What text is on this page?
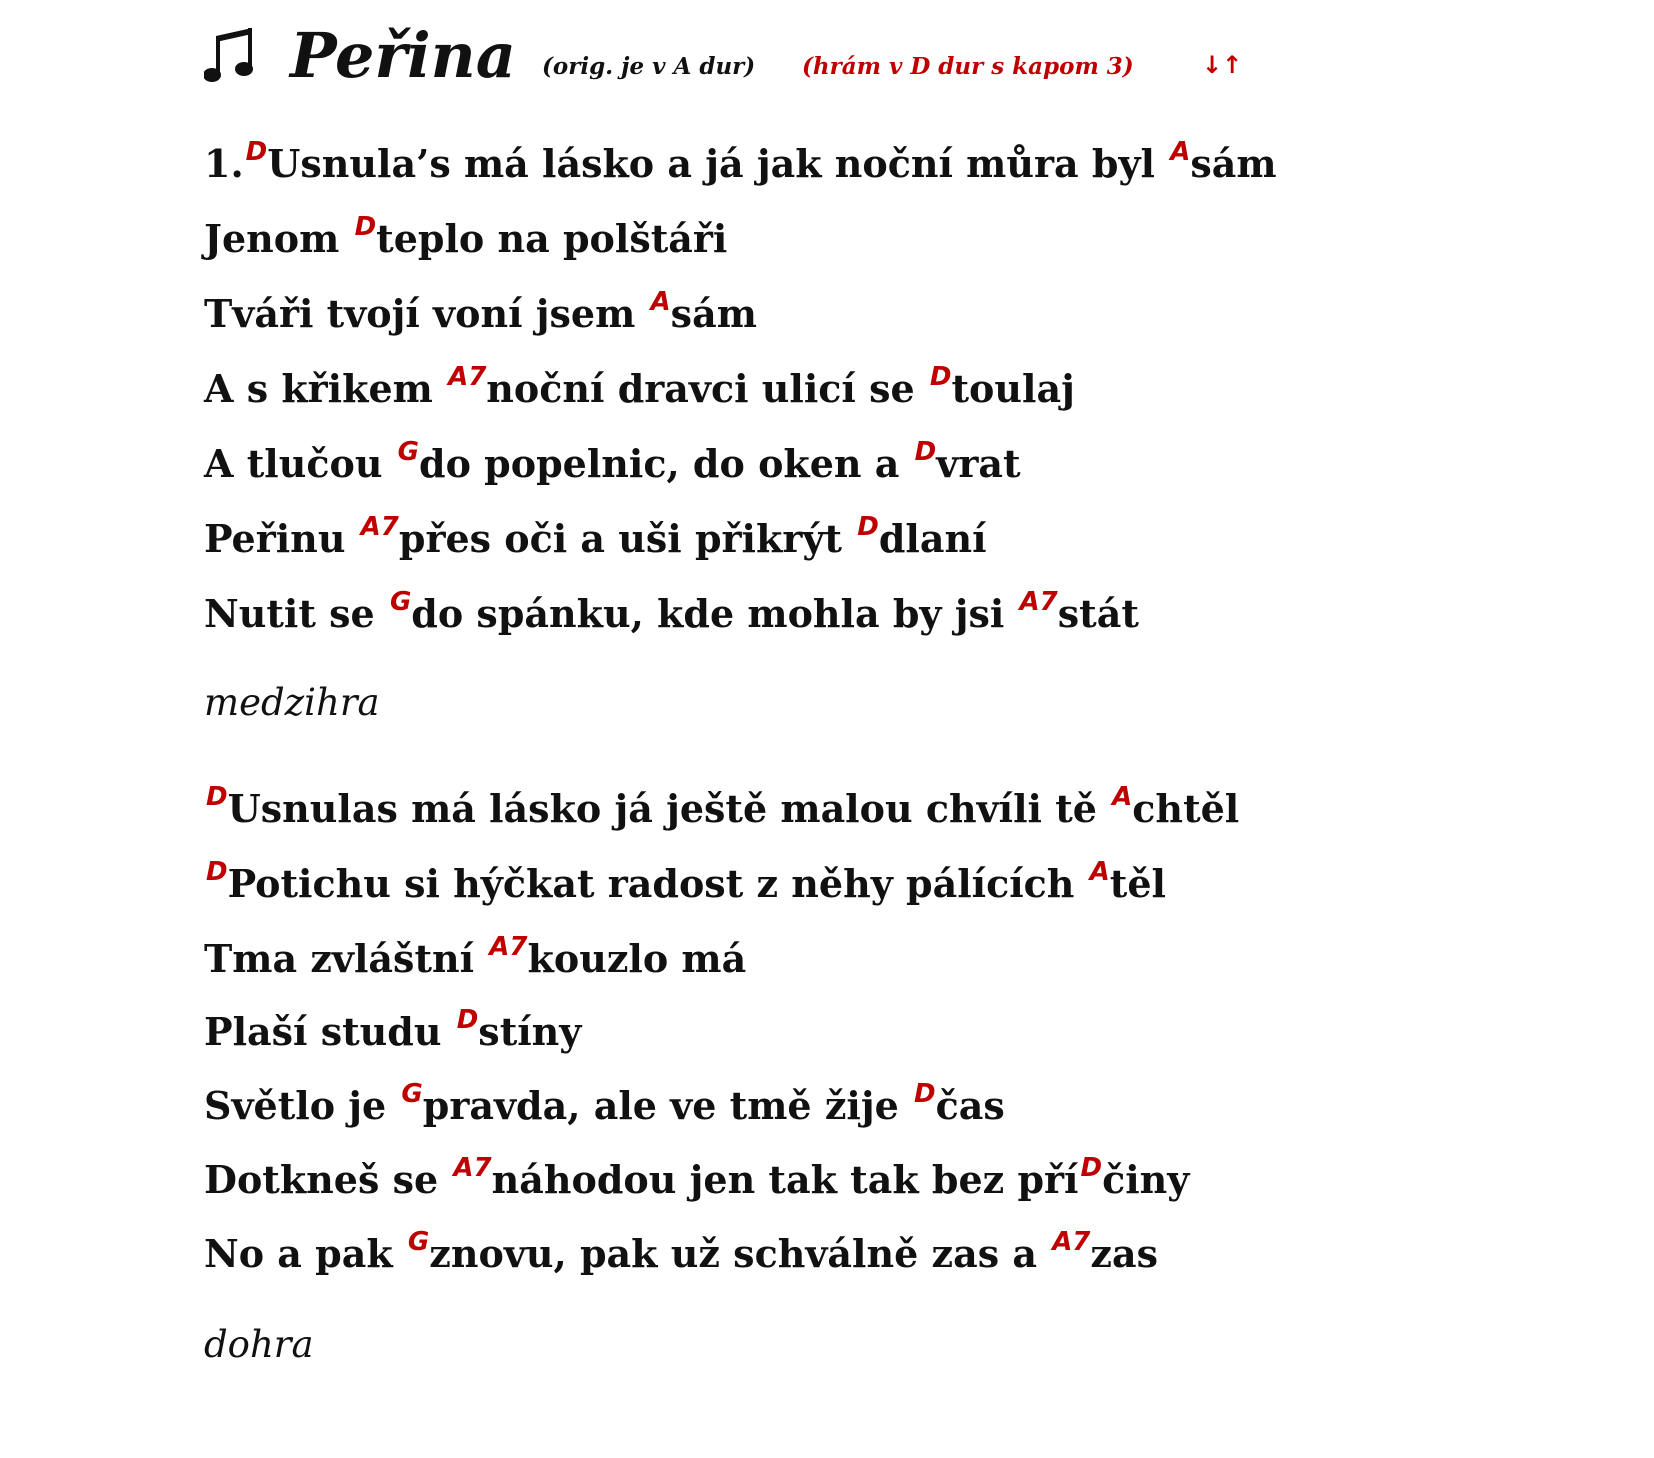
Peřina (orig. je v A dur) (hrám v D dur s kapom 3)	↓↑
1.$^D$Usnula’s má lásko a já jak noční můra byl $^A$sám
Jenom $^D$teplo na polštáři
Tváři tvojí voní jsem $^A$sám
A s křikem $^{A7}$noční dravci ulicí se $^D$toulaj
A tlučou $^G$do popelnic, do oken a $^D$vrat
Peřinu $^{A7}$přes oči a uši přikrýt $^D$dlaní
Nutit se $^G$do spánku, kde mohla by jsi $^{A7}$stát
medzihra
$^D$Usnulas má lásko já ještě malou chvíli tě $^A$chtěl
$^D$Potichu si hýčkat radost z něhy pálících $^A$těl
Tma zvláštní $^{A7}$kouzlo má
Plaší studu $^D$stíny
Světlo je $^G$pravda, ale ve tmě žije $^D$čas
Dotkneš se $^{A7}$náhodou jen tak tak bez pří$^D$činy
No a pak $^G$znovu, pak už schválně zas a $^{A7}$zas
dohra
